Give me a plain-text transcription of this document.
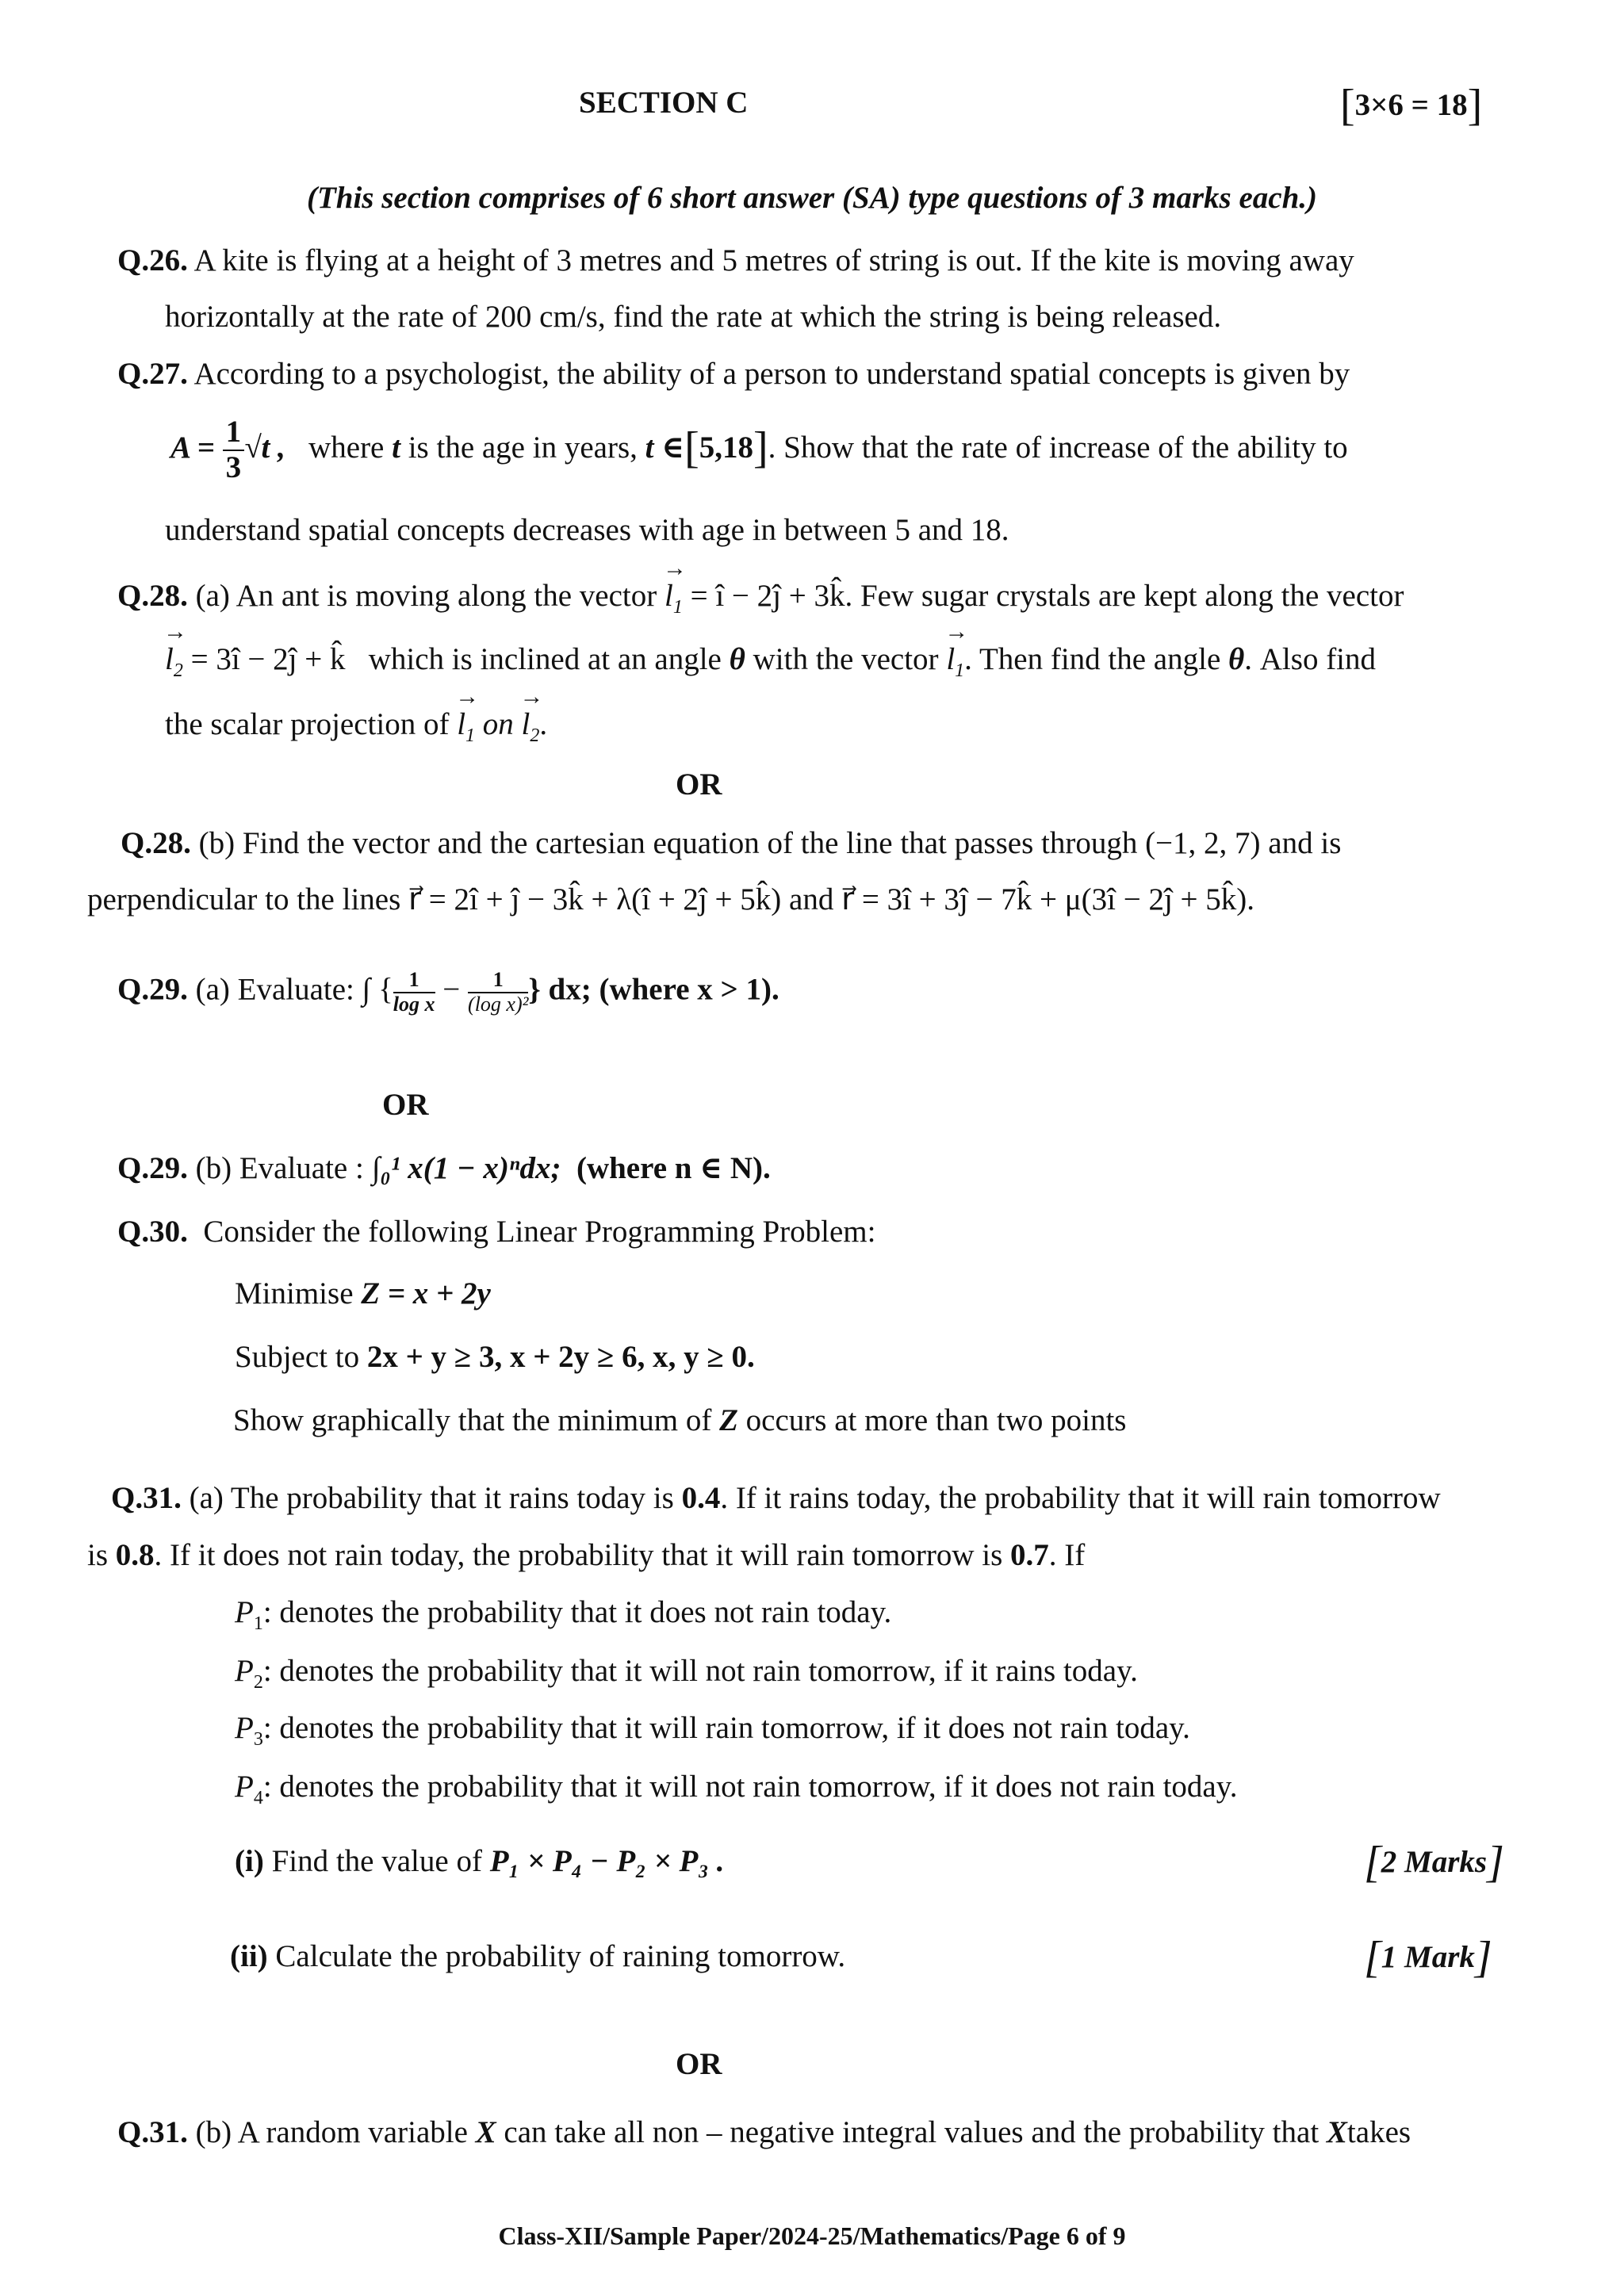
SECTION C	[3×6 = 18]
(This section comprises of 6 short answer (SA) type questions of 3 marks each.)
Q.26. A kite is flying at a height of 3 metres and 5 metres of string is out. If the kite is moving away
horizontally at the rate of 200 cm/s, find the rate at which the string is being released.
Q.27. According to a psychologist, the ability of a person to understand spatial concepts is given by
$A = \frac{1}{3} √t$ , where t is the age in years, t ∈[5,18]. Show that the rate of increase of the ability to
understand spatial concepts decreases with age in between 5 and 18.
Q.28. (a) An ant is moving along the vector → $l_1$ = î − 2ĵ + 3k̂. Few sugar crystals are kept along the vector
→ $l_2$ = 3î − 2ĵ + k̂ which is inclined at an angle θ with the vector → $l_1$. Then find the angle θ. Also find
the scalar projection of → $l_1$ on → $l_2$.
OR
Q.28. (b) Find the vector and the cartesian equation of the line that passes through (−1, 2, 7) and is
perpendicular to the lines r⃗ = 2î + ĵ − 3k̂ + λ(î + 2ĵ + 5k̂) and r⃗ = 3î + 3ĵ − 7k̂ + μ(3î − 2ĵ + 5k̂).
Q.29. (a) Evaluate: ∫ { $\frac{1}{\text{log x}} - \frac{1}{\text{(log x)²}}$ } dx; (where x > 1).
OR
Q.29. (b) Evaluate : ∫₀¹ x(1 − x)ⁿdx; (where n ∈ N).
Q.30. Consider the following Linear Programming Problem:
Minimise Z = x + 2y
Subject to 2x + y ≥ 3, x + 2y ≥ 6, x, y ≥ 0.
Show graphically that the minimum of Z occurs at more than two points
Q.31. (a) The probability that it rains today is 0.4. If it rains today, the probability that it will rain tomorrow
is 0.8. If it does not rain today, the probability that it will rain tomorrow is 0.7. If
$P_1$: denotes the probability that it does not rain today.
$P_2$: denotes the probability that it will not rain tomorrow, if it rains today.
$P_3$: denotes the probability that it will rain tomorrow, if it does not rain today.
$P_4$: denotes the probability that it will not rain tomorrow, if it does not rain today.
(i) Find the value of P₁ × P₄ − P₂ × P₃ .	[2 Marks]
(ii) Calculate the probability of raining tomorrow.	[1 Mark]
OR
Q.31. (b) A random variable X can take all non – negative integral values and the probability that Xtakes
Class-XII/Sample Paper/2024-25/Mathematics/Page 6 of 9
